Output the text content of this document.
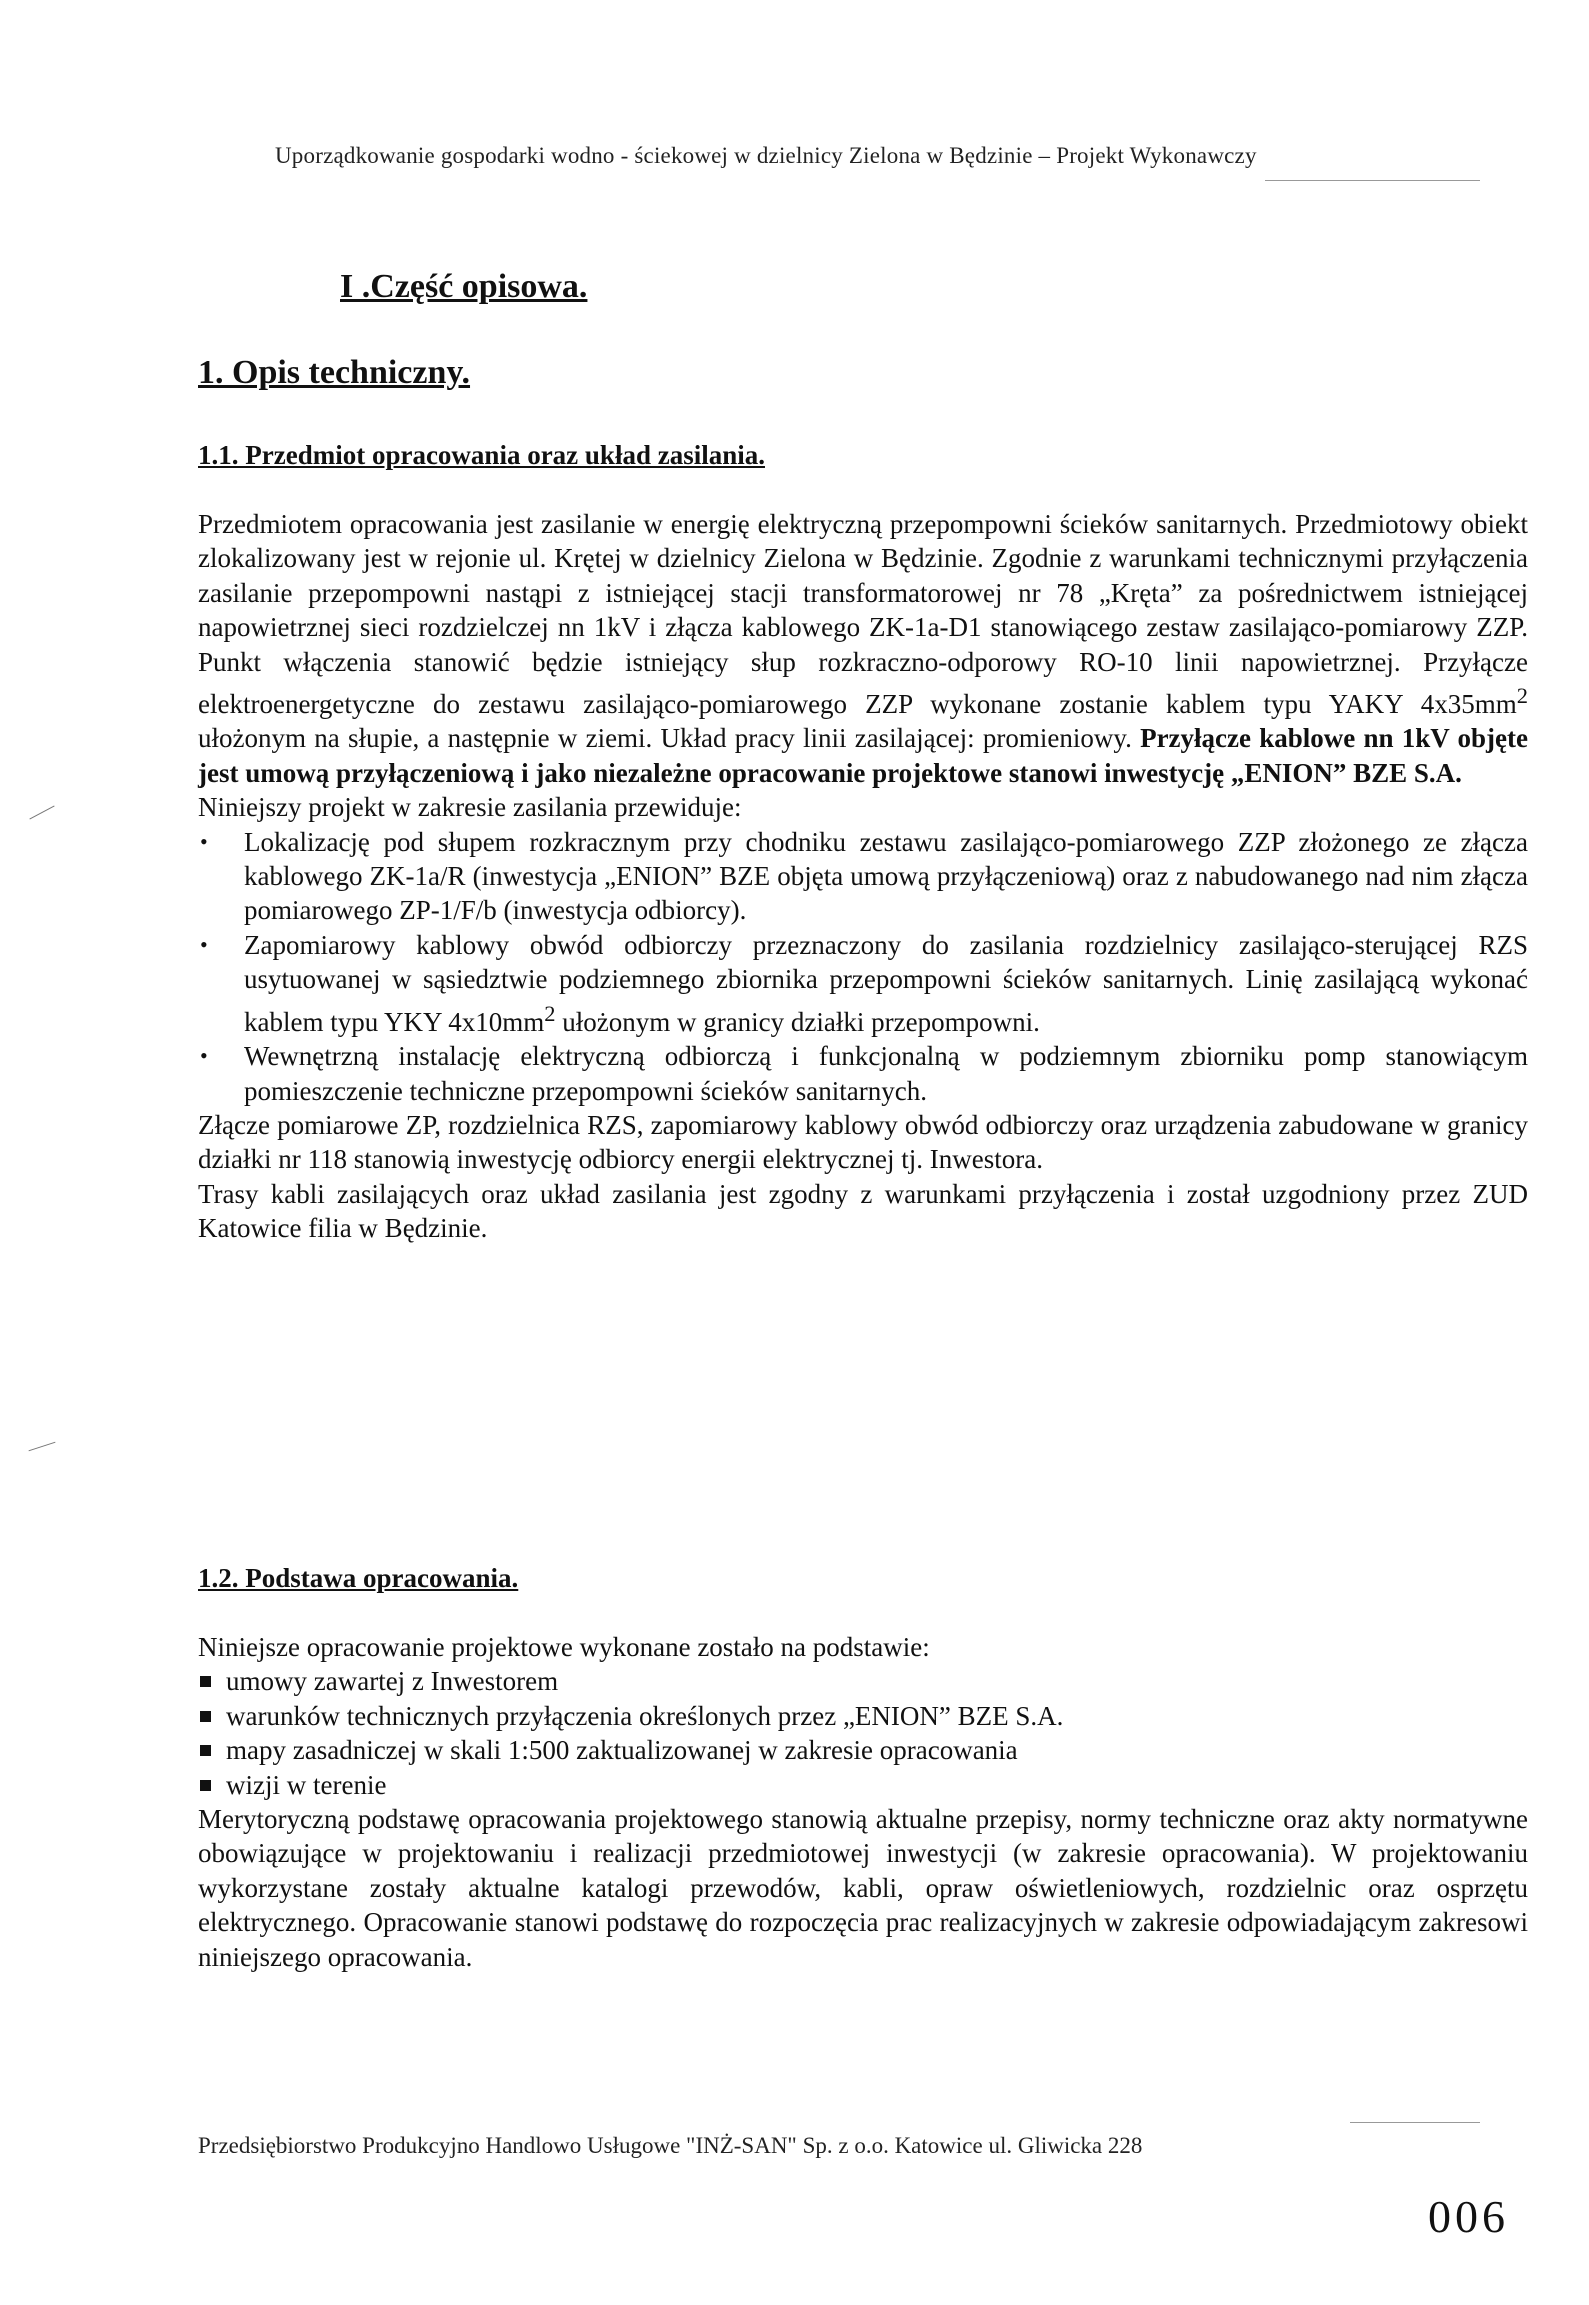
Uporządkowanie gospodarki wodno - ściekowej w dzielnicy Zielona w Będzinie – Projekt Wykonawczy
I .Część opisowa.
1. Opis techniczny.
1.1. Przedmiot opracowania oraz układ zasilania.

Przedmiotem opracowania jest zasilanie w energię elektryczną przepompowni ścieków sanitarnych. Przedmiotowy obiekt zlokalizowany jest w rejonie ul. Krętej w dzielnicy Zielona w Będzinie. Zgodnie z warunkami technicznymi przyłączenia zasilanie przepompowni nastąpi z istniejącej stacji transformatorowej nr 78 „Kręta” za pośrednictwem istniejącej napowietrznej sieci rozdzielczej nn 1kV i złącza kablowego ZK-1a-D1 stanowiącego zestaw zasilająco-pomiarowy ZZP. Punkt włączenia stanowić będzie istniejący słup rozkraczno-odporowy RO-10 linii napowietrznej. Przyłącze elektroenergetyczne do zestawu zasilająco-pomiarowego ZZP wykonane zostanie kablem typu YAKY $4x35mm^2$ ułożonym na słupie, a następnie w ziemi. Układ pracy linii zasilającej: promieniowy. Przyłącze kablowe nn 1kV objęte jest umową przyłączeniową i jako niezależne opracowanie projektowe stanowi inwestycję „ENION” BZE S.A.

Niniejszy projekt w zakresie zasilania przewiduje:

• Lokalizację pod słupem rozkracznym przy chodniku zestawu zasilająco-pomiarowego ZZP złożonego ze złącza kablowego ZK-1a/R (inwestycja „ENION” BZE objęta umową przyłączeniową) oraz z nabudowanego nad nim złącza pomiarowego ZP-1/F/b (inwestycja odbiorcy).
• Zapomiarowy kablowy obwód odbiorczy przeznaczony do zasilania rozdzielnicy zasilająco-sterującej RZS usytuowanej w sąsiedztwie podziemnego zbiornika przepompowni ścieków sanitarnych. Linię zasilającą wykonać kablem typu YKY $4x10mm^2$ ułożonym w granicy działki przepompowni.
• Wewnętrzną instalację elektryczną odbiorczą i funkcjonalną w podziemnym zbiorniku pomp stanowiącym pomieszczenie techniczne przepompowni ścieków sanitarnych.

Złącze pomiarowe ZP, rozdzielnica RZS, zapomiarowy kablowy obwód odbiorczy oraz urządzenia zabudowane w granicy działki nr 118 stanowią inwestycję odbiorcy energii elektrycznej tj. Inwestora.

Trasy kabli zasilających oraz układ zasilania jest zgodny z warunkami przyłączenia i został uzgodniony przez ZUD Katowice filia w Będzinie.

1.2. Podstawa opracowania.

Niniejsze opracowanie projektowe wykonane zostało na podstawie:

umowy zawartej z Inwestorem
warunków technicznych przyłączenia określonych przez „ENION” BZE S.A.
mapy zasadniczej w skali 1:500 zaktualizowanej w zakresie opracowania
wizji w terenie

Merytoryczną podstawę opracowania projektowego stanowią aktualne przepisy, normy techniczne oraz akty normatywne obowiązujące w projektowaniu i realizacji przedmiotowej inwestycji (w zakresie opracowania). W projektowaniu wykorzystane zostały aktualne katalogi przewodów, kabli, opraw oświetleniowych, rozdzielnic oraz osprzętu elektrycznego. Opracowanie stanowi podstawę do rozpoczęcia prac realizacyjnych w zakresie odpowiadającym zakresowi niniejszego opracowania.

Przedsiębiorstwo Produkcyjno Handlowo Usługowe "INŻ-SAN" Sp. z o.o. Katowice ul. Gliwicka 228
006
